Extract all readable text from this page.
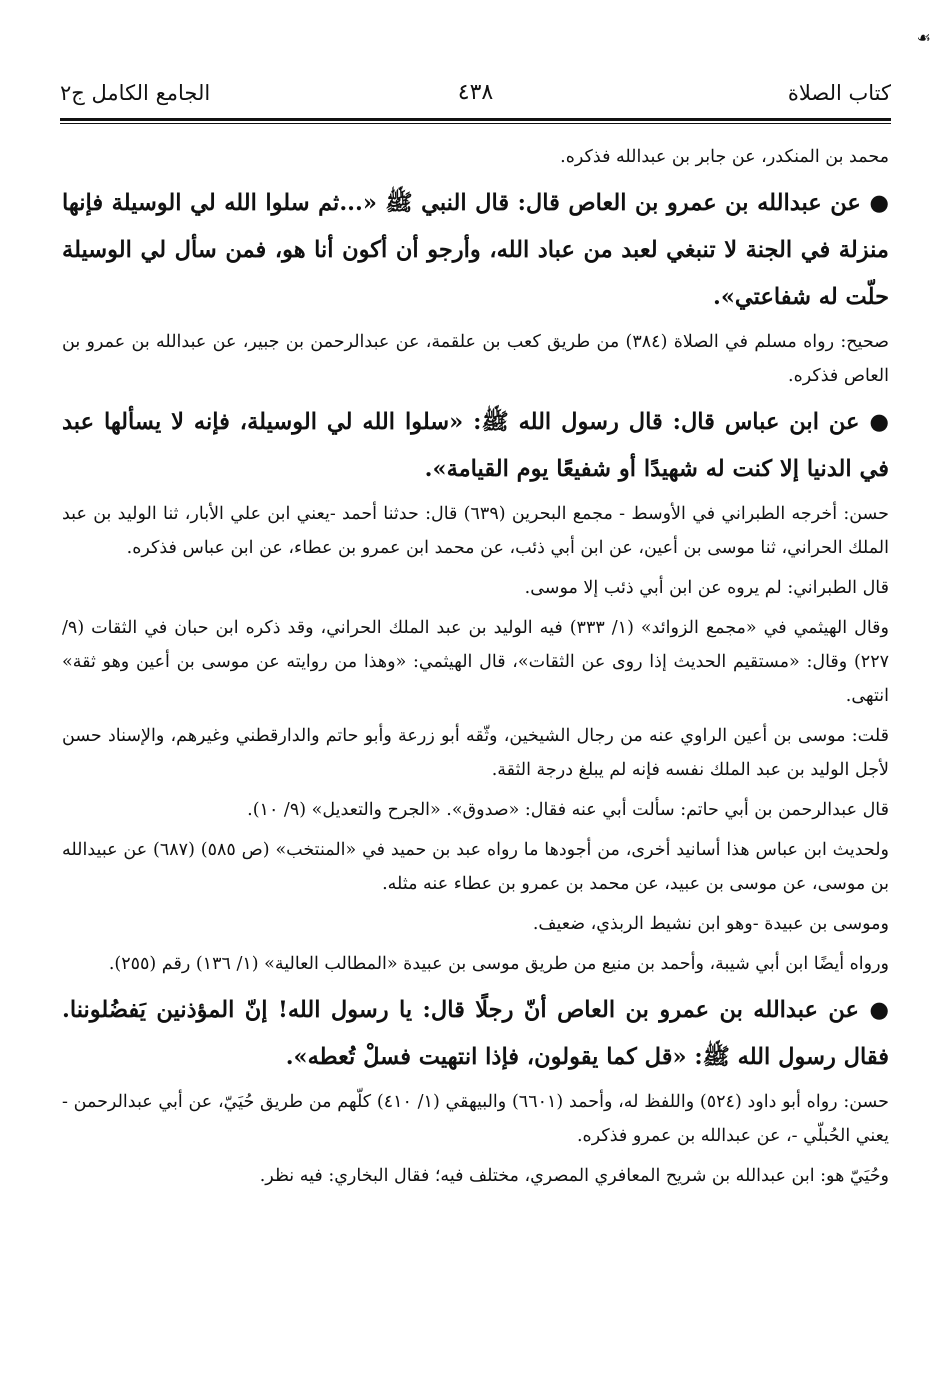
☙
كتاب الصلاة
٤٣٨
الجامع الكامل ج٢

محمد بن المنكدر، عن جابر بن عبدالله فذكره.

● عن عبدالله بن عمرو بن العاص قال: قال النبي ﷺ «...ثم سلوا الله لي الوسيلة فإنها منزلة في الجنة لا تنبغي لعبد من عباد الله، وأرجو أن أكون أنا هو، فمن سأل لي الوسيلة حلّت له شفاعتي».

صحيح: رواه مسلم في الصلاة (٣٨٤) من طريق كعب بن علقمة، عن عبدالرحمن بن جبير، عن عبدالله بن عمرو بن العاص فذكره.

● عن ابن عباس قال: قال رسول الله ﷺ: «سلوا الله لي الوسيلة، فإنه لا يسألها عبد في الدنيا إلا كنت له شهيدًا أو شفيعًا يوم القيامة».

حسن: أخرجه الطبراني في الأوسط - مجمع البحرين (٦٣٩) قال: حدثنا أحمد -يعني ابن علي الأبار، ثنا الوليد بن عبد الملك الحراني، ثنا موسى بن أعين، عن ابن أبي ذئب، عن محمد ابن عمرو بن عطاء، عن ابن عباس فذكره.

قال الطبراني: لم يروه عن ابن أبي ذئب إلا موسى.

وقال الهيثمي في «مجمع الزوائد» (١/ ٣٣٣) فيه الوليد بن عبد الملك الحراني، وقد ذكره ابن حبان في الثقات (٩/ ٢٢٧) وقال: «مستقيم الحديث إذا روى عن الثقات»، قال الهيثمي: «وهذا من روايته عن موسى بن أعين وهو ثقة» انتهى.

قلت: موسى بن أعين الراوي عنه من رجال الشيخين، وثّقه أبو زرعة وأبو حاتم والدارقطني وغيرهم، والإسناد حسن لأجل الوليد بن عبد الملك نفسه فإنه لم يبلغ درجة الثقة.

قال عبدالرحمن بن أبي حاتم: سألت أبي عنه فقال: «صدوق». «الجرح والتعديل» (٩/ ١٠).

ولحديث ابن عباس هذا أسانيد أخرى، من أجودها ما رواه عبد بن حميد في «المنتخب» (ص ٥٨٥) (٦٨٧) عن عبيدالله بن موسى، عن موسى بن عبيد، عن محمد بن عمرو بن عطاء عنه مثله.

وموسى بن عبيدة -وهو ابن نشيط الربذي، ضعيف.

ورواه أيضًا ابن أبي شيبة، وأحمد بن منيع من طريق موسى بن عبيدة «المطالب العالية» (١/ ١٣٦) رقم (٢٥٥).

● عن عبدالله بن عمرو بن العاص أنّ رجلًا قال: يا رسول الله! إنّ المؤذنين يَفضُلوننا. فقال رسول الله ﷺ: «قل كما يقولون، فإذا انتهيت فسلْ تُعطه».

حسن: رواه أبو داود (٥٢٤) واللفظ له، وأحمد (٦٦٠١) والبيهقي (١/ ٤١٠) كلّهم من طريق حُيَيّ، عن أبي عبدالرحمن - يعني الحُبلّي -، عن عبدالله بن عمرو فذكره.

وحُيَيّ هو: ابن عبدالله بن شريح المعافري المصري، مختلف فيه؛ فقال البخاري: فيه نظر.
